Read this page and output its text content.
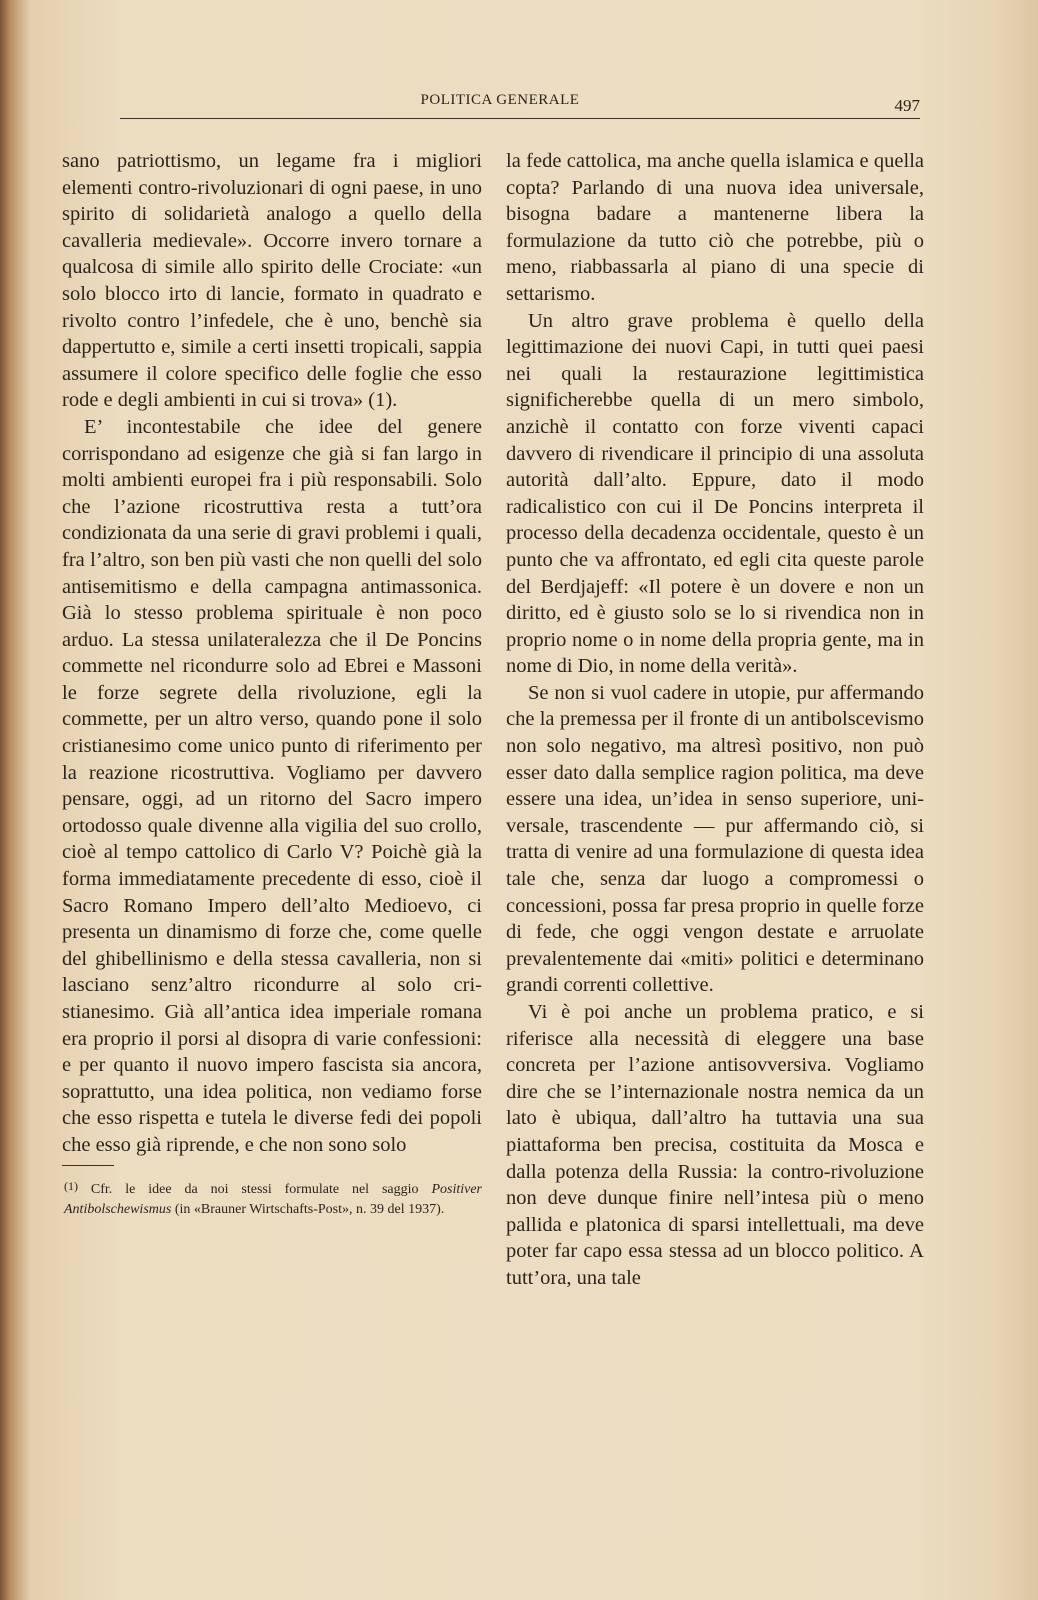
POLITICA GENERALE	497

sano patriottismo, un legame fra i migliori elementi contro-rivoluzionari di ogni paese, in uno spirito di solidarietà analogo a quello della cavalleria medievale». Occorre invero tornare a qualcosa di simile allo spirito delle Crociate: «un solo blocco irto di lancie, formato in quadrato e rivolto contro l’infedele, che è uno, benchè sia dappertutto e, simile a certi insetti tropicali, sappia assumere il colore specifico delle foglie che esso rode e degli ambienti in cui si trova» (1).

E’ incontestabile che idee del genere corrispondano ad esigenze che già si fan largo in molti ambienti europei fra i più responsabili. Solo che l’azione ricostruttiva resta a tutt’ora condizionata da una serie di gravi problemi i quali, fra l’altro, son ben più vasti che non quelli del solo antisemitismo e della campagna antimassonica. Già lo stesso problema spirituale è non poco arduo. La stessa unilateralezza che il De Poncins commette nel ricondurre solo ad Ebrei e Massoni le forze segrete della rivoluzione, egli la commette, per un altro verso, quando pone il solo cristianesimo come unico punto di riferimento per la reazione ricostruttiva. Vogliamo per davvero pensare, oggi, ad un ritorno del Sacro impero ortodosso quale divenne alla vigilia del suo crollo, cioè al tempo cattolico di Carlo V? Poichè già la forma immediatamente precedente di esso, cioè il Sacro Romano Impero dell’alto Medioevo, ci presenta un dinamismo di forze che, come quelle del ghibellinismo e della stessa cavalleria, non si lasciano senz’altro ricondurre al solo cristianesimo. Già all’antica idea imperiale romana era proprio il porsi al disopra di varie confessioni: e per quanto il nuovo impero fascista sia ancora, soprattutto, una idea politica, non vediamo forse che esso rispetta e tutela le diverse fedi dei popoli che esso già riprende, e che non sono solo

(1) Cfr. le idee da noi stessi formulate nel saggio Positiver Antibolschewismus (in «Brauner Wirtschafts-Post», n. 39 del 1937).

la fede cattolica, ma anche quella islamica e quella copta? Parlando di una nuova idea universale, bisogna badare a mantenerne libera la formulazione da tutto ciò che potrebbe, più o meno, riabbassarla al piano di una specie di settarismo.

Un altro grave problema è quello della legittimazione dei nuovi Capi, in tutti quei paesi nei quali la restaurazione legittimistica significherebbe quella di un mero simbolo, anzichè il contatto con forze viventi capaci davvero di rivendicare il principio di una assoluta autorità dall’alto. Eppure, dato il modo radicalistico con cui il De Poncins interpreta il processo della decadenza occidentale, questo è un punto che va affrontato, ed egli cita queste parole del Berdjajeff: «Il potere è un dovere e non un diritto, ed è giusto solo se lo si rivendica non in proprio nome o in nome della propria gente, ma in nome di Dio, in nome della verità».

Se non si vuol cadere in utopie, pur affermando che la premessa per il fronte di un antibolscevismo non solo negativo, ma altresì positivo, non può esser dato dalla semplice ragion politica, ma deve essere una idea, un’idea in senso superiore, universale, trascendente — pur affermando ciò, si tratta di venire ad una formulazione di questa idea tale che, senza dar luogo a compromessi o concessioni, possa far presa proprio in quelle forze di fede, che oggi vengon destate e arruolate prevalentemente dai «miti» politici e determinano grandi correnti collettive.

Vi è poi anche un problema pratico, e si riferisce alla necessità di eleggere una base concreta per l’azione antisovversiva. Vogliamo dire che se l’internazionale nostra nemica da un lato è ubiqua, dall’altro ha tuttavia una sua piattaforma ben precisa, costituita da Mosca e dalla potenza della Russia: la contro-rivoluzione non deve dunque finire nell’intesa più o meno pallida e platonica di sparsi intellettuali, ma deve poter far capo essa stessa ad un blocco politico. A tutt’ora, una tale
